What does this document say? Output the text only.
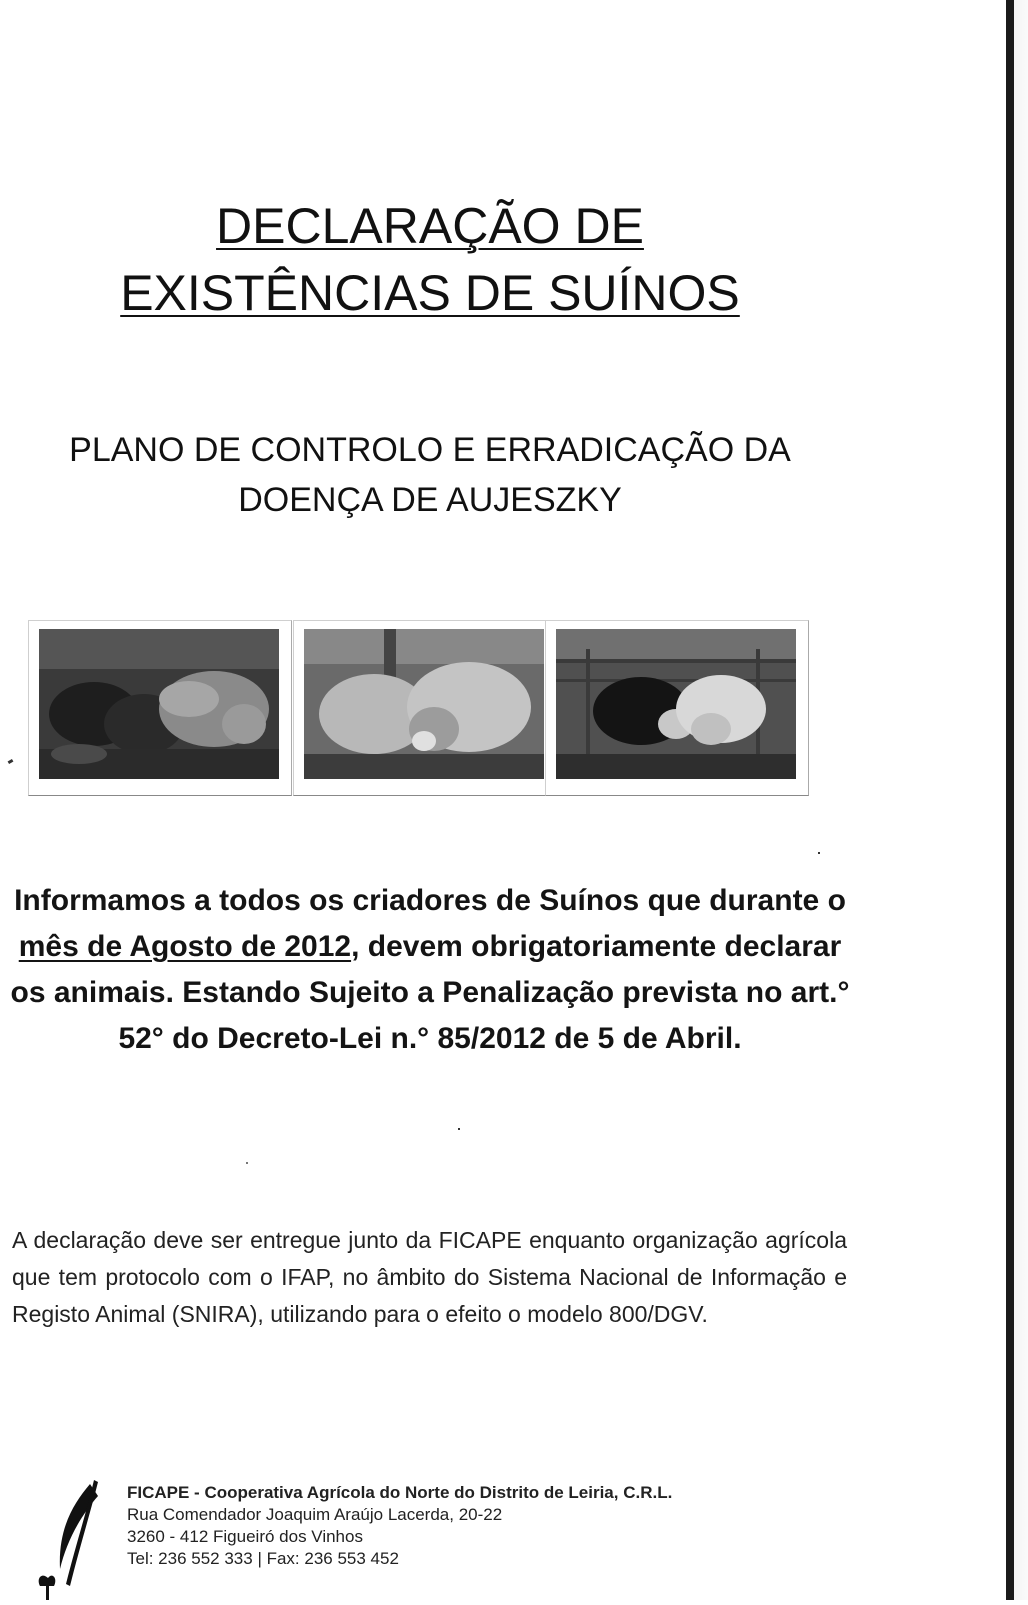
DECLARAÇÃO DE
EXISTÊNCIAS DE SUÍNOS

PLANO DE CONTROLO E ERRADICAÇÃO DA
DOENÇA DE AUJESZKY

Informamos a todos os criadores de Suínos que durante o mês de Agosto de 2012, devem obrigatoriamente declarar os animais. Estando Sujeito a Penalização prevista no art.° 52° do Decreto-Lei n.° 85/2012 de 5 de Abril.

A declaração deve ser entregue junto da FICAPE enquanto organização agrícola que tem protocolo com o IFAP, no âmbito do Sistema Nacional de Informação e Registo Animal (SNIRA), utilizando para o efeito o modelo 800/DGV.

FICAPE - Cooperativa Agrícola do Norte do Distrito de Leiria, C.R.L.
Rua Comendador Joaquim Araújo Lacerda, 20-22
3260 - 412 Figueiró dos Vinhos
Tel: 236 552 333 | Fax: 236 553 452
